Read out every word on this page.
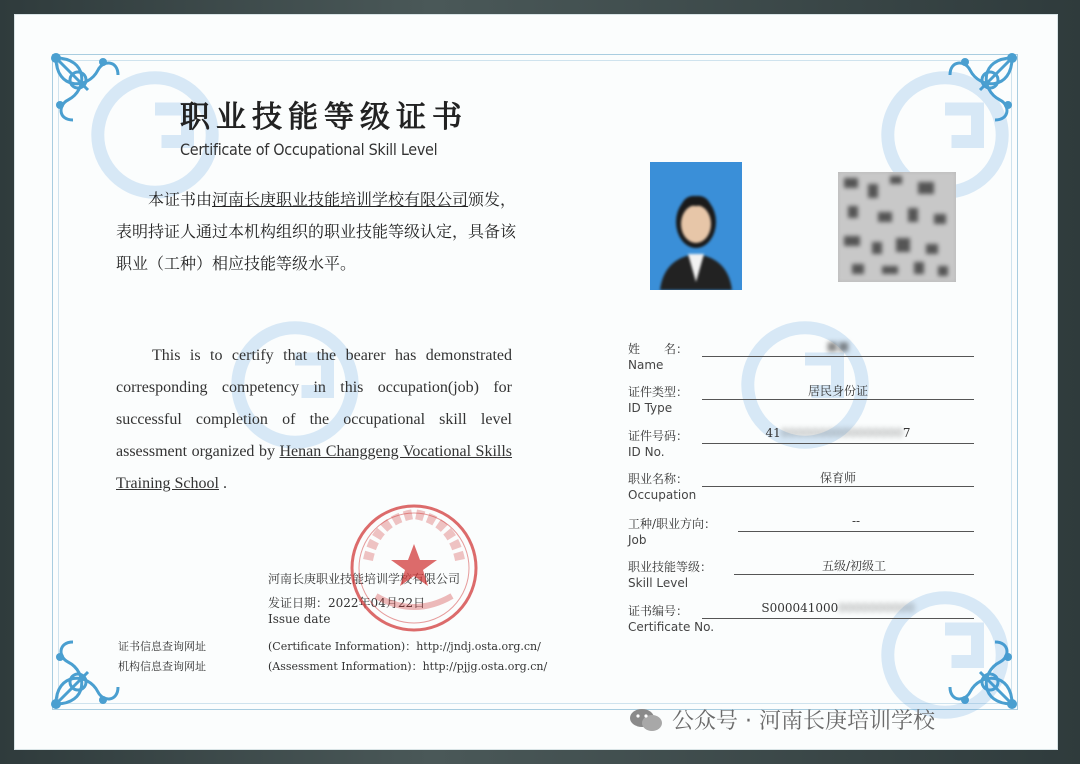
职业技能等级证书
Certificate of Occupational Skill Level
本证书由河南长庚职业技能培训学校有限公司颁发，表明持证人通过本机构组织的职业技能等级认定，具备该职业（工种）相应技能等级水平。
This is to certify that the bearer has demonstrated corresponding competency in this occupation(job) for successful completion of the occupational skill level assessment organized by Henan Changgeng Vocational Skills Training School .
河南长庚职业技能培训学校有限公司
发证日期：2022年04月22日
Issue date
证书信息查询网址
机构信息查询网址
(Certificate Information)：http://jndj.osta.org.cn/
(Assessment Information)：http://pjjg.osta.org.cn/
姓　　名：
Name
■■
证件类型：
ID Type
居民身份证
证件号码：
ID No.
4100000000000000007
职业名称：
Occupation
保育师
工种/职业方向：
Job
--
职业技能等级：
Skill Level
五级/初级工
证书编号：
Certificate No.
S0000410000000000000
公众号 · 河南长庚培训学校
